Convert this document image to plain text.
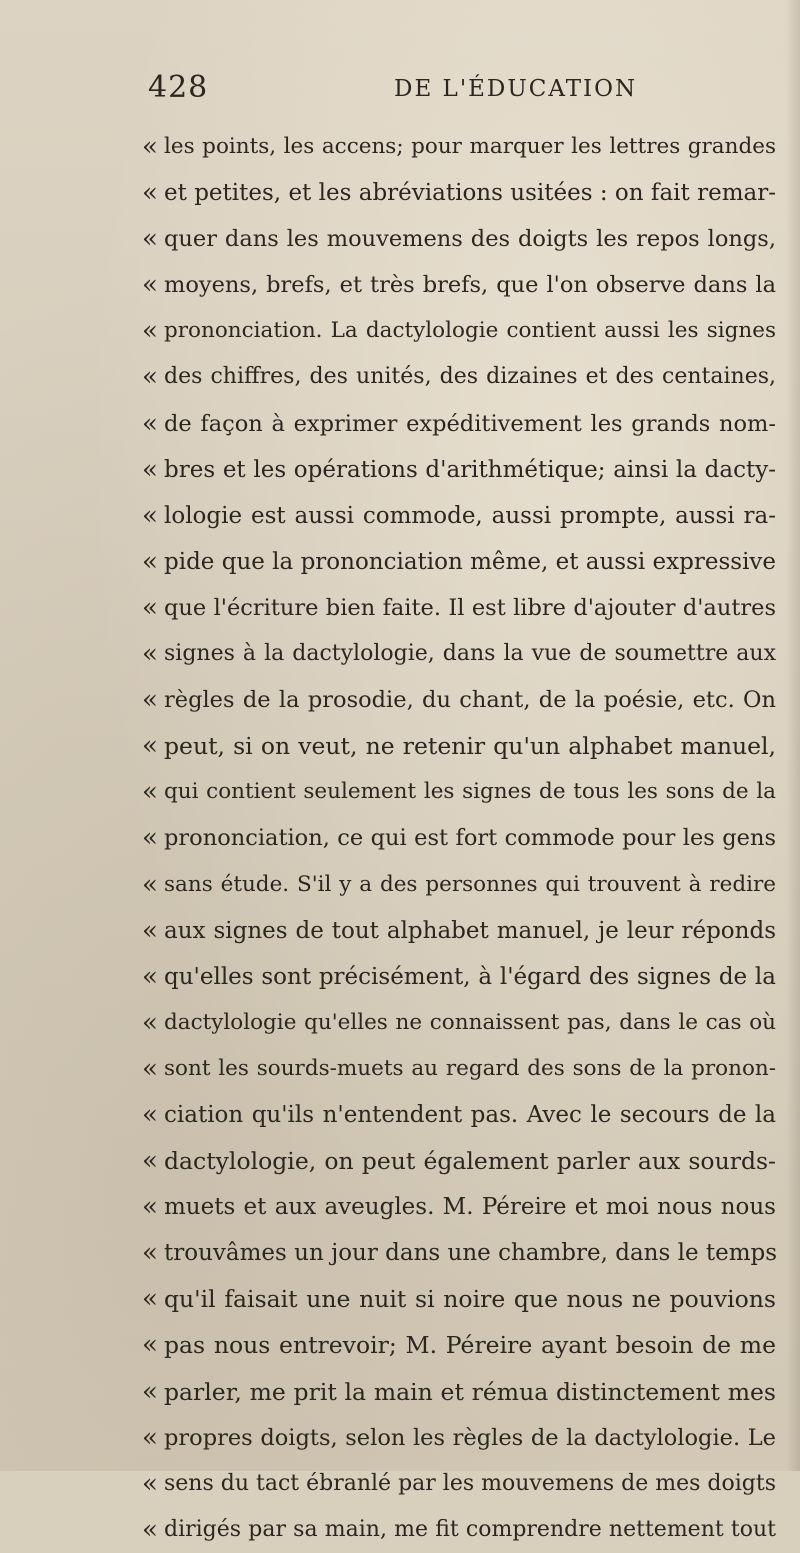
428	DE L'ÉDUCATION
« les points, les accens; pour marquer les lettres grandes
« et petites, et les abréviations usitées : on fait remar-
« quer dans les mouvemens des doigts les repos longs,
« moyens, brefs, et très brefs, que l'on observe dans la
« prononciation. La dactylologie contient aussi les signes
« des chiffres, des unités, des dizaines et des centaines,
« de façon à exprimer expéditivement les grands nom-
« bres et les opérations d'arithmétique; ainsi la dacty-
« lologie est aussi commode, aussi prompte, aussi ra-
« pide que la prononciation même, et aussi expressive
« que l'écriture bien faite. Il est libre d'ajouter d'autres
« signes à la dactylologie, dans la vue de soumettre aux
« règles de la prosodie, du chant, de la poésie, etc. On
« peut, si on veut, ne retenir qu'un alphabet manuel,
« qui contient seulement les signes de tous les sons de la
« prononciation, ce qui est fort commode pour les gens
« sans étude. S'il y a des personnes qui trouvent à redire
« aux signes de tout alphabet manuel, je leur réponds
« qu'elles sont précisément, à l'égard des signes de la
« dactylologie qu'elles ne connaissent pas, dans le cas où
« sont les sourds-muets au regard des sons de la pronon-
« ciation qu'ils n'entendent pas. Avec le secours de la
« dactylologie, on peut également parler aux sourds-
« muets et aux aveugles. M. Péreire et moi nous nous
« trouvâmes un jour dans une chambre, dans le temps
« qu'il faisait une nuit si noire que nous ne pouvions
« pas nous entrevoir; M. Péreire ayant besoin de me
« parler, me prit la main et rémua distinctement mes
« propres doigts, selon les règles de la dactylologie. Le
« sens du tact ébranlé par les mouvemens de mes doigts
« dirigés par sa main, me fit comprendre nettement tout
